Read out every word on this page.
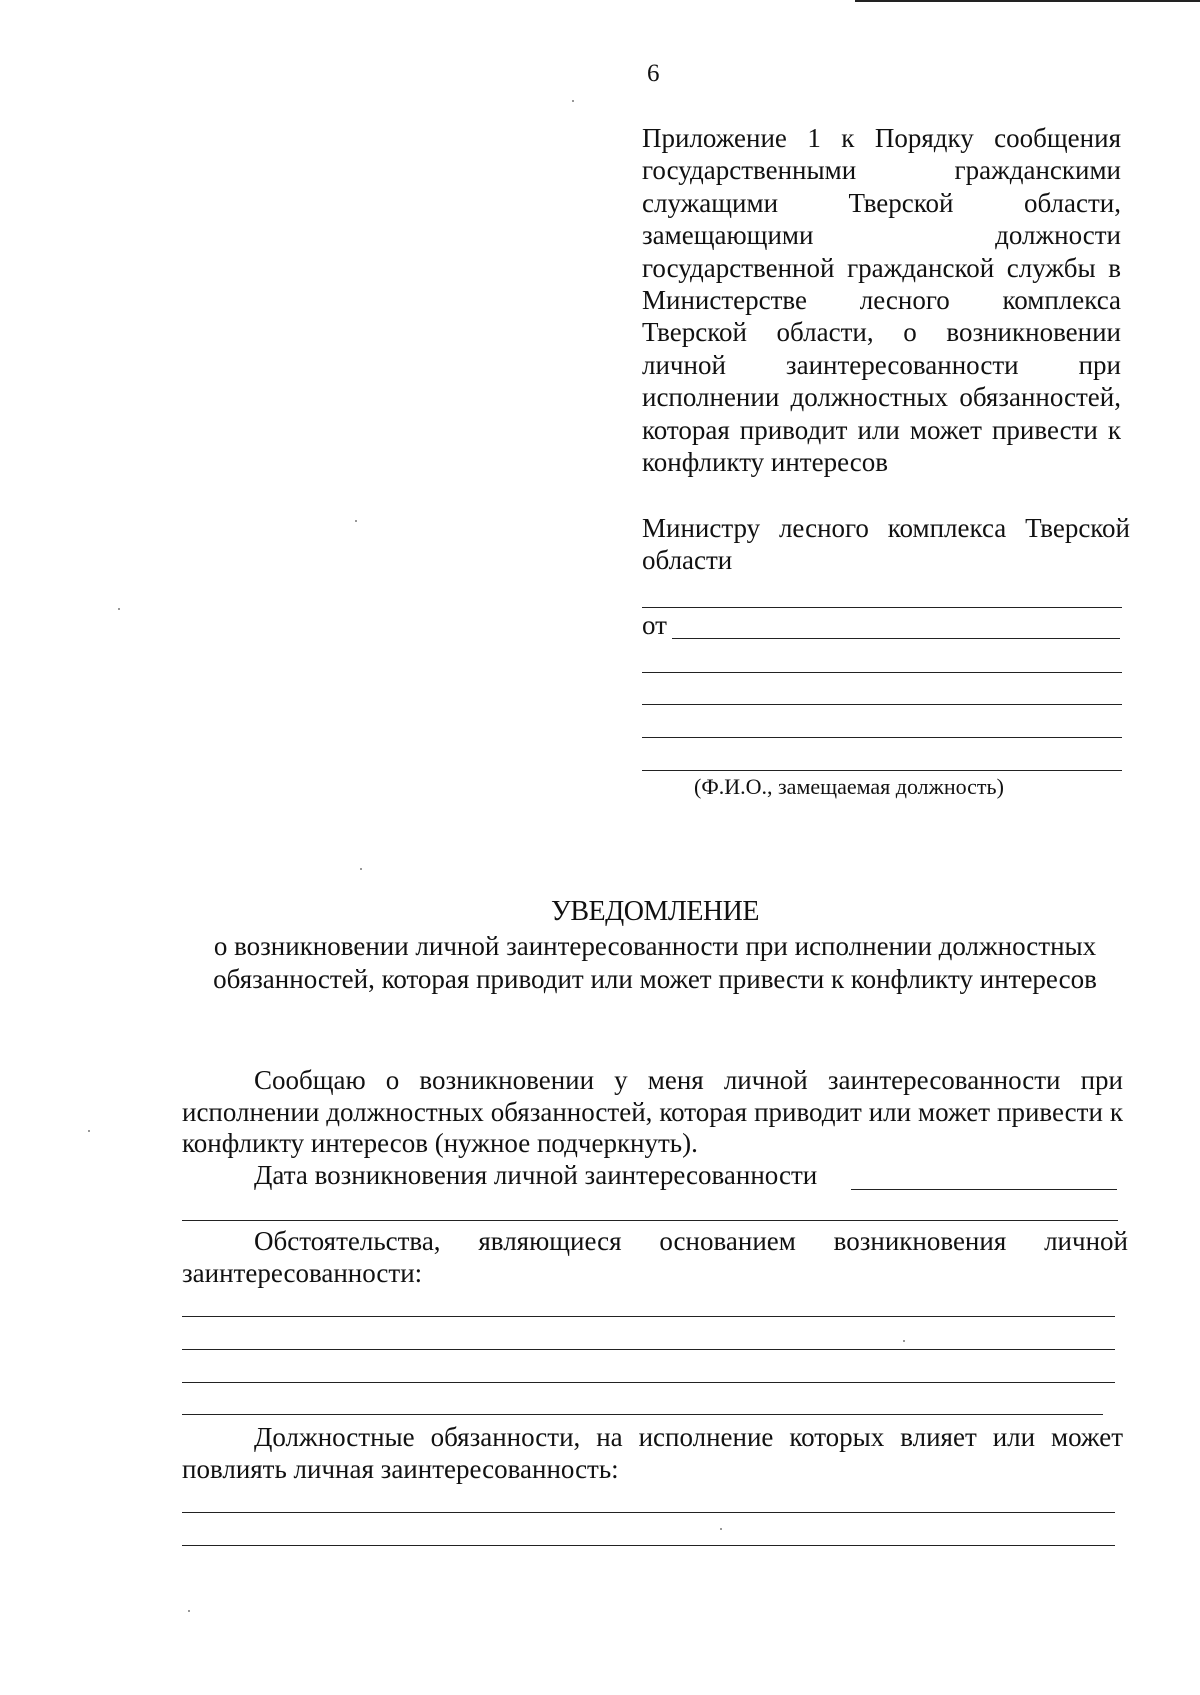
6
Приложение 1 к Порядку сообщения государственными гражданскими служащими Тверской области, замещающими должности государственной гражданской службы в Министерстве лесного комплекса Тверской области, о возникновении личной заинтересованности при исполнении должностных обязанностей, которая приводит или может привести к конфликту интересов
Министру лесного комплекса Тверской области
от
(Ф.И.О., замещаемая должность)
УВЕДОМЛЕНИЕ
о возникновении личной заинтересованности при исполнении должностных обязанностей, которая приводит или может привести к конфликту интересов
Сообщаю о возникновении у меня личной заинтересованности при исполнении должностных обязанностей, которая приводит или может привести к конфликту интересов (нужное подчеркнуть).
Дата возникновения личной заинтересованности
Обстоятельства, являющиеся основанием возникновения личной заинтересованности:
Должностные обязанности, на исполнение которых влияет или может повлиять личная заинтересованность:
